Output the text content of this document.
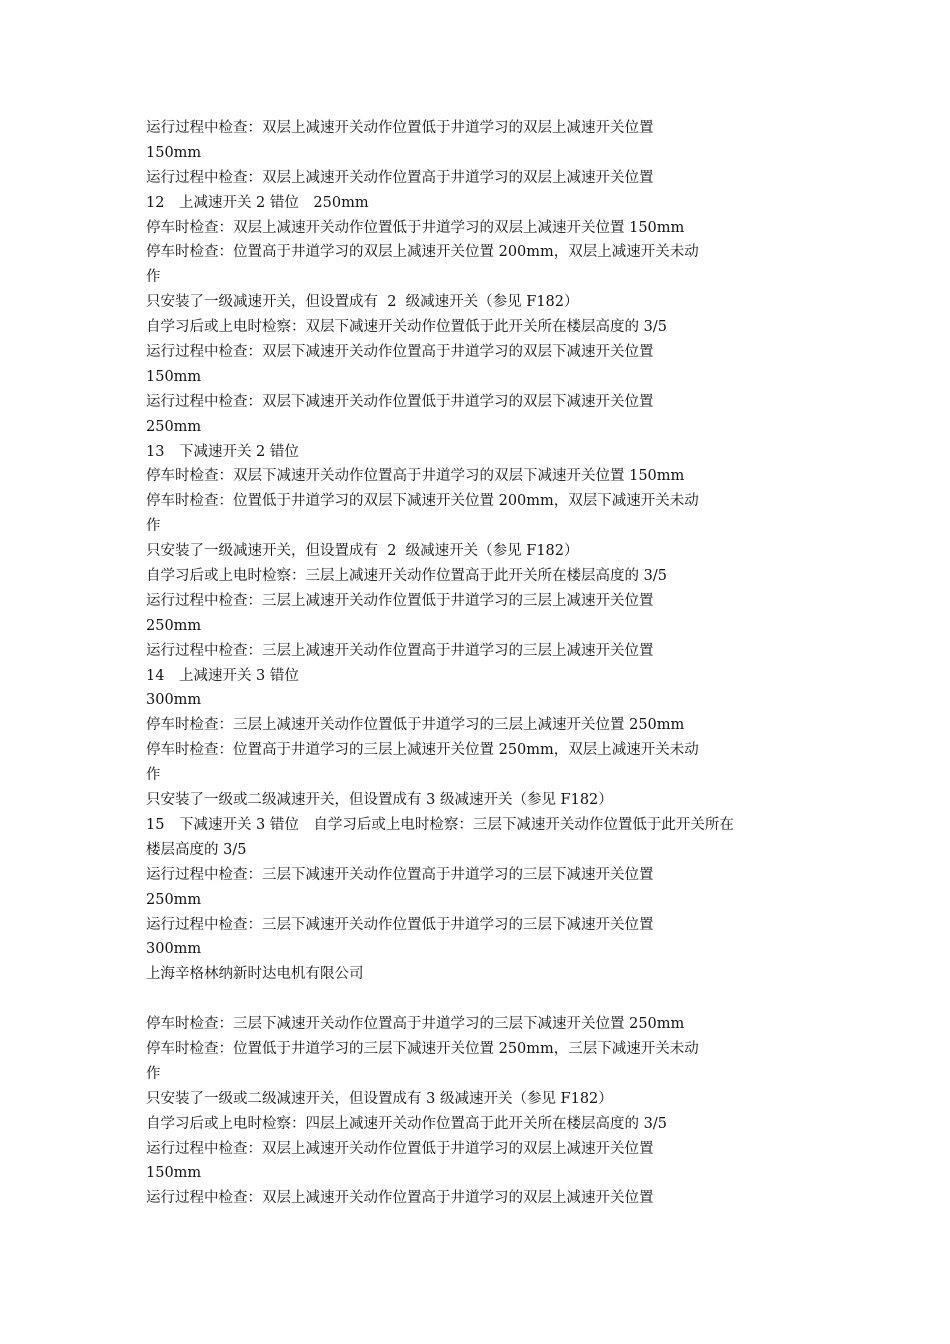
运行过程中检查：双层上减速开关动作位置低于井道学习的双层上减速开关位置
150mm
运行过程中检查：双层上减速开关动作位置高于井道学习的双层上减速开关位置
12　上减速开关 2 错位　250mm
停车时检查：双层上减速开关动作位置低于井道学习的双层上减速开关位置 150mm
停车时检查：位置高于井道学习的双层上减速开关位置 200mm，双层上减速开关未动
作
只安装了一级减速开关，但设置成有  2  级减速开关（参见 F182）
自学习后或上电时检察：双层下减速开关动作位置低于此开关所在楼层高度的 3/5
运行过程中检查：双层下减速开关动作位置高于井道学习的双层下减速开关位置
150mm
运行过程中检查：双层下减速开关动作位置低于井道学习的双层下减速开关位置
250mm
13　下减速开关 2 错位
停车时检查：双层下减速开关动作位置高于井道学习的双层下减速开关位置 150mm
停车时检查：位置低于井道学习的双层下减速开关位置 200mm，双层下减速开关未动
作
只安装了一级减速开关，但设置成有  2  级减速开关（参见 F182）
自学习后或上电时检察：三层上减速开关动作位置高于此开关所在楼层高度的 3/5
运行过程中检查：三层上减速开关动作位置低于井道学习的三层上减速开关位置
250mm
运行过程中检查：三层上减速开关动作位置高于井道学习的三层上减速开关位置
14　上减速开关 3 错位
300mm
停车时检查：三层上减速开关动作位置低于井道学习的三层上减速开关位置 250mm
停车时检查：位置高于井道学习的三层上减速开关位置 250mm，双层上减速开关未动
作
只安装了一级或二级减速开关，但设置成有 3 级减速开关（参见 F182）
15　下减速开关 3 错位　自学习后或上电时检察：三层下减速开关动作位置低于此开关所在
楼层高度的 3/5
运行过程中检查：三层下减速开关动作位置高于井道学习的三层下减速开关位置
250mm
运行过程中检查：三层下减速开关动作位置低于井道学习的三层下减速开关位置
300mm
上海辛格林纳新时达电机有限公司
停车时检查：三层下减速开关动作位置高于井道学习的三层下减速开关位置 250mm
停车时检查：位置低于井道学习的三层下减速开关位置 250mm，三层下减速开关未动
作
只安装了一级或二级减速开关，但设置成有 3 级减速开关（参见 F182）
自学习后或上电时检察：四层上减速开关动作位置高于此开关所在楼层高度的 3/5
运行过程中检查：双层上减速开关动作位置低于井道学习的双层上减速开关位置
150mm
运行过程中检查：双层上减速开关动作位置高于井道学习的双层上减速开关位置
